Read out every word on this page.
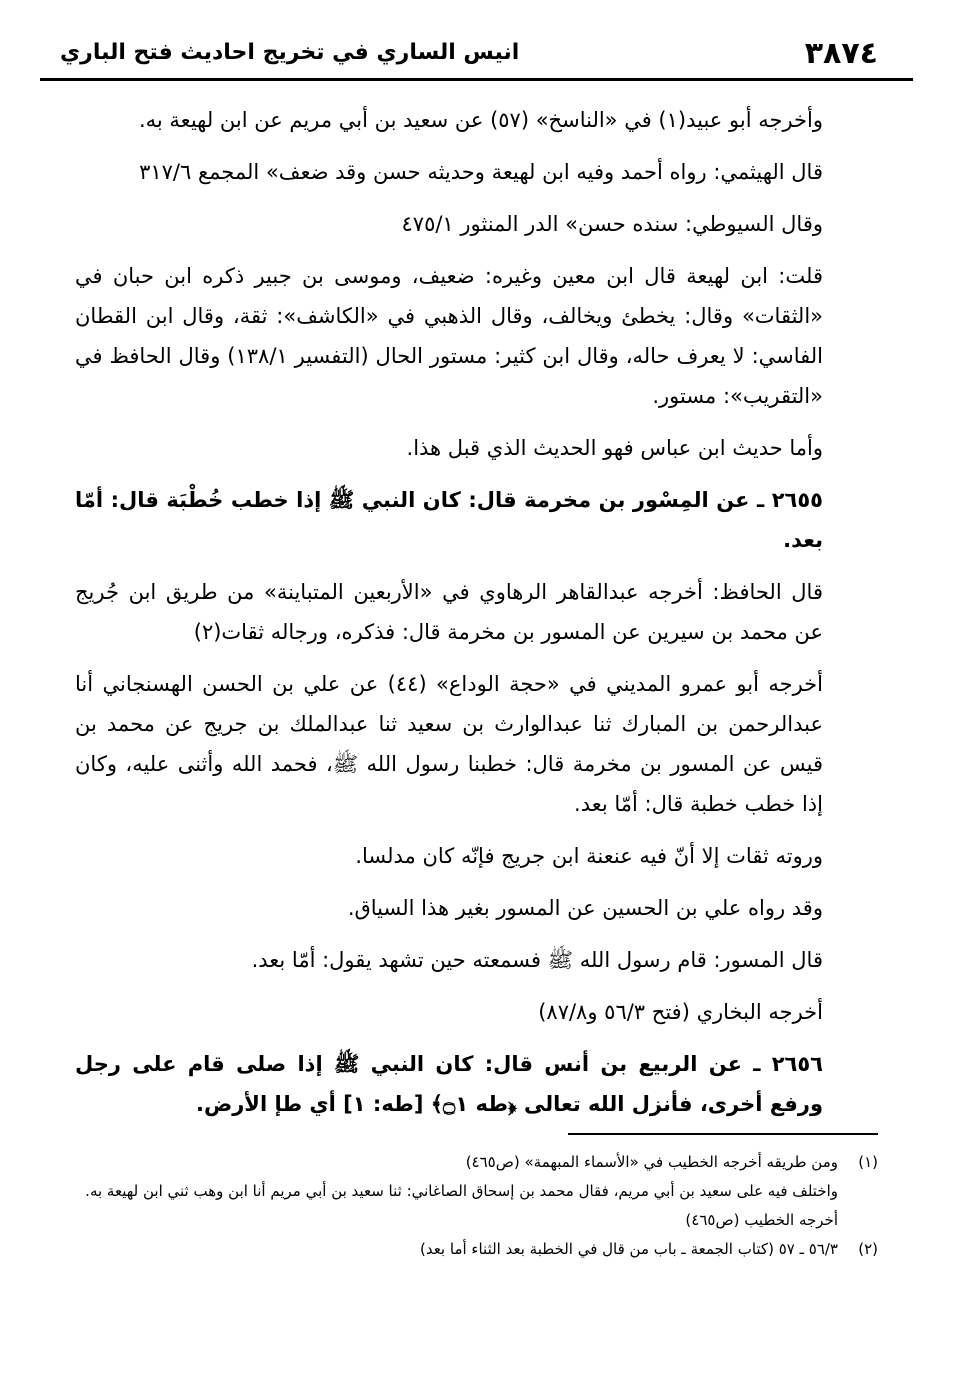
٣٨٧٤
انيس الساري في تخريج احاديث فتح الباري

وأخرجه أبو عبيد(١) في «الناسخ» (٥٧) عن سعيد بن أبي مريم عن ابن لهيعة به.

قال الهيثمي: رواه أحمد وفيه ابن لهيعة وحديثه حسن وقد ضعف» المجمع ٣١٧/٦

وقال السيوطي: سنده حسن» الدر المنثور ٤٧٥/١

قلت: ابن لهيعة قال ابن معين وغيره: ضعيف، وموسى بن جبير ذكره ابن حبان في «الثقات» وقال: يخطئ ويخالف، وقال الذهبي في «الكاشف»: ثقة، وقال ابن القطان الفاسي: لا يعرف حاله، وقال ابن كثير: مستور الحال (التفسير ١٣٨/١) وقال الحافظ في «التقريب»: مستور.

وأما حديث ابن عباس فهو الحديث الذي قبل هذا.

٢٦٥٥ ـ عن المِسْور بن مخرمة قال: كان النبي ﷺ إذا خطب خُطْبَة قال: أمّا بعد.

قال الحافظ: أخرجه عبدالقاهر الرهاوي في «الأربعين المتباينة» من طريق ابن جُريج عن محمد بن سيرين عن المسور بن مخرمة قال: فذكره، ورجاله ثقات(٢)

أخرجه أبو عمرو المديني في «حجة الوداع» (٤٤) عن علي بن الحسن الهسنجاني أنا عبدالرحمن بن المبارك ثنا عبدالوارث بن سعيد ثنا عبدالملك بن جريج عن محمد بن قيس عن المسور بن مخرمة قال: خطبنا رسول الله ﷺ، فحمد الله وأثنى عليه، وكان إذا خطب خطبة قال: أمّا بعد.

وروته ثقات إلا أنّ فيه عنعنة ابن جريج فإنّه كان مدلسا.

وقد رواه علي بن الحسين عن المسور بغير هذا السياق.

قال المسور: قام رسول الله ﷺ فسمعته حين تشهد يقول: أمّا بعد.

أخرجه البخاري (فتح ٥٦/٣ و٨٧/٨)

٢٦٥٦ ـ عن الربيع بن أنس قال: كان النبي ﷺ إذا صلى قام على رجل ورفع أخرى، فأنزل الله تعالى ﴿طه ۝١﴾ [طه: ١] أي طإ الأرض.

(١)ومن طريقه أخرجه الخطيب في «الأسماء المبهمة» (ص٤٦٥)

واختلف فيه على سعيد بن أبي مريم، فقال محمد بن إسحاق الصاغاني: ثنا سعيد بن أبي مريم أنا ابن وهب ثني ابن لهيعة به.

أخرجه الخطيب (ص٤٦٥)

(٢)٥٦/٣ ـ ٥٧ (كتاب الجمعة ـ باب من قال في الخطبة بعد الثناء أما بعد)
